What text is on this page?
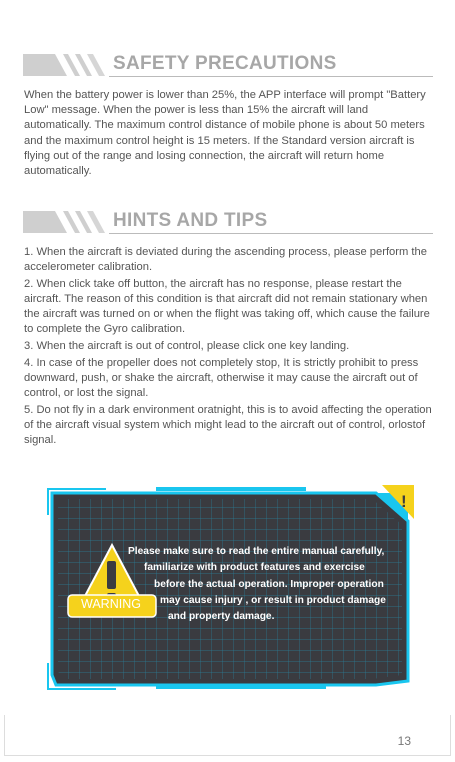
SAFETY PRECAUTIONS

When the battery power is lower than 25%, the APP interface will prompt "Battery Low" message. When the power is less than 15% the aircraft will land automatically. The maximum control distance of mobile phone is about 50 meters and the maximum control height is 15 meters. If the Standard version aircraft is flying out of the range and losing connection, the aircraft will return home automatically.

HINTS AND TIPS
1. When the aircraft is deviated during the ascending process, please perform the accelerometer calibration.
2. When click take off button, the aircraft has no response, please restart the aircraft. The reason of this condition is that aircraft did not remain stationary when the aircraft was turned on or when the flight was taking off, which cause the failure to complete the Gyro calibration.
3. When the aircraft is out of control, please click one key landing.
4. In case of the propeller does not completely stop, It is strictly prohibit to press downward, push, or shake the aircraft, otherwise it may cause the aircraft out of control, or lost the signal.
5. Do not fly in a dark environment oratnight, this is to avoid affecting the operation of the aircraft visual system which might lead to the aircraft out of control, orlostof signal.
!
WARNING
Please make sure to read the entire manual carefully,
familiarize with product features and exercise
before the actual operation. Improper operation
may cause injury , or result in product damage
and property damage.
13
